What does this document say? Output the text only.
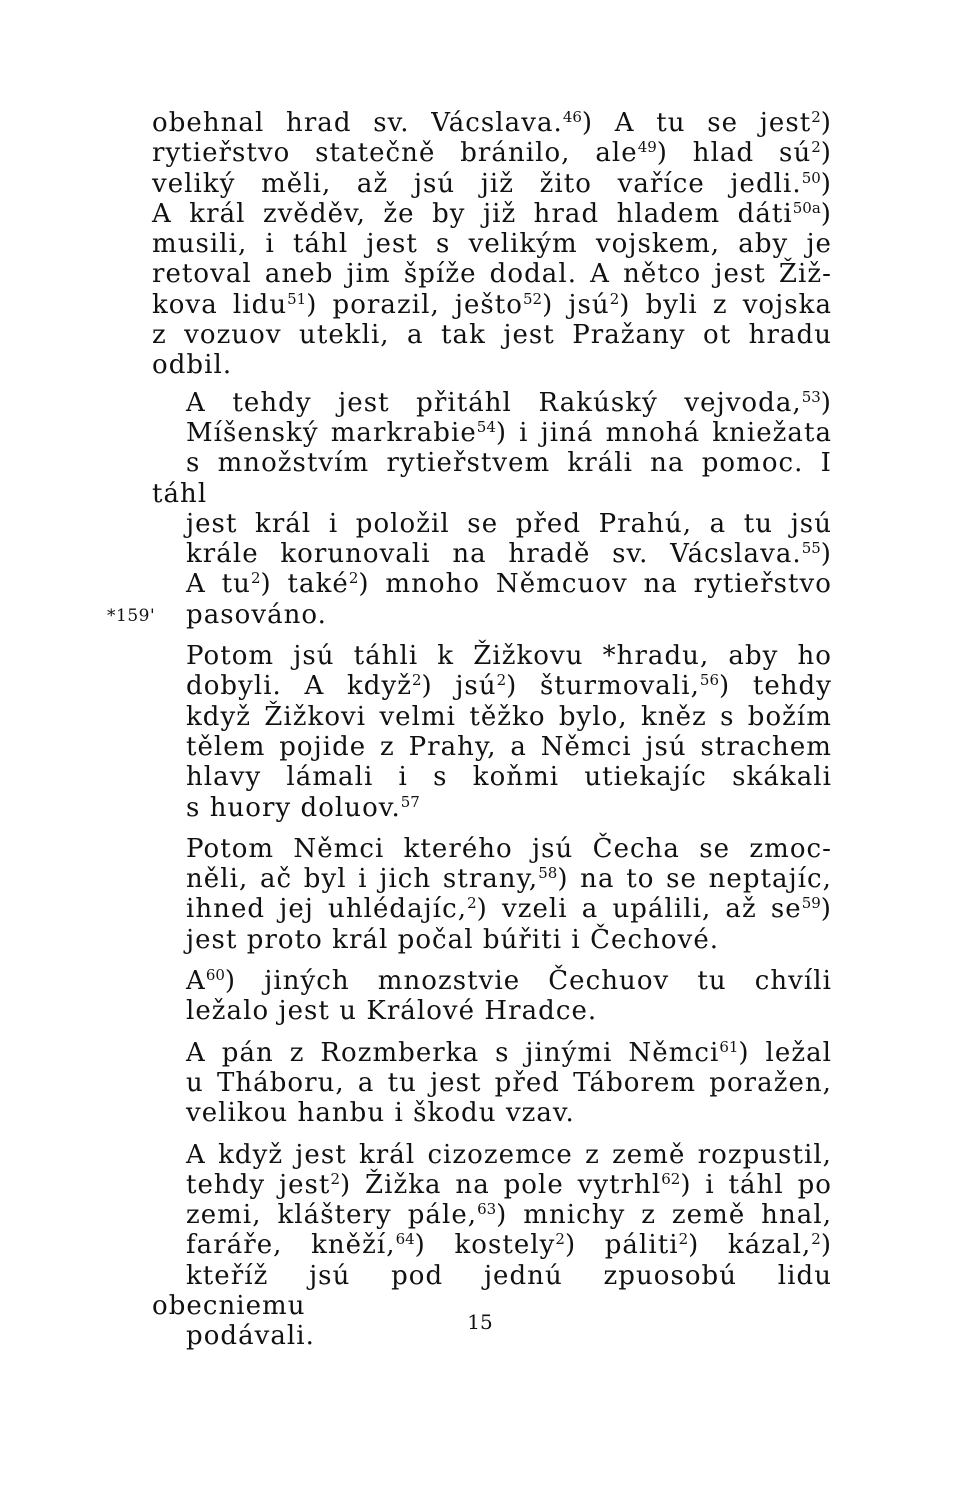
*159'
obehnal hrad sv. Vácslava.$^{46}$) A tu se jest$^2$)
rytieřstvo statečně bránilo, ale$^{49}$) hlad $sú^2$)
veliký měli, až jsú již žito vaříce jedli.$^{50}$)
A král zvěděv, že by již hrad hladem dáti$^{50a}$)
musili, i táhl jest s velikým vojskem, aby je
retoval aneb jim špíže dodal. A nětco jest Žiž-
kova lidu$^{51}$) porazil, ješto$^{52}$) jsú$^2$) byli z vojska
z vozuov utekli, a tak jest Pražany ot hradu
odbil.
A tehdy jest přitáhl Rakúský vejvoda,$^{53}$)
Míšenský markrabie$^{54}$) i jiná mnohá kniežata
s množstvím rytieřstvem králi na pomoc. I táhl
jest král i položil se před Prahú, a tu jsú
krále korunovali na hradě sv. Vácslava.$^{55}$)
A $tu^2$) také$^2$) mnoho Němcuov na rytieřstvo
pasováno.
Potom jsú táhli k Žižkovu *hradu, aby ho
dobyli. A když$^2$) jsú$^2$) šturmovali,$^{56}$) tehdy
když Žižkovi velmi těžko bylo, kněz s božím
tělem pojide z Prahy, a Němci jsú strachem
hlavy lámali i s koňmi utiekajíc skákali
s huory doluov.$^{57}$
Potom Němci kterého jsú Čecha se zmoc-
něli, ač byl i jich strany,$^{58}$) na to se neptajíc,
ihned jej uhlédajíc,$^2$) vzeli a upálili, až $se^{59}$)
jest proto král počal búřiti i Čechové.
$A^{60}$) jiných mnozstvie Čechuov tu chvíli
ležalo jest u Králové Hradce.
A pán z Rozmberka s jinými Němci$^{61}$) ležal
u Tháboru, a tu jest před Táborem poražen,
velikou hanbu i škodu vzav.
A když jest král cizozemce z země rozpustil,
tehdy jest$^2$) Žižka na pole vytrhl$^{62}$) i táhl po
zemi, kláštery pále,$^{63}$) mnichy z země hnal,
faráře, kněží,$^{64}$) kostely$^2$) páliti$^2$) kázal,$^2$)
kteříž jsú pod jednú zpuosobú lidu obecniemu
podávali.	15
